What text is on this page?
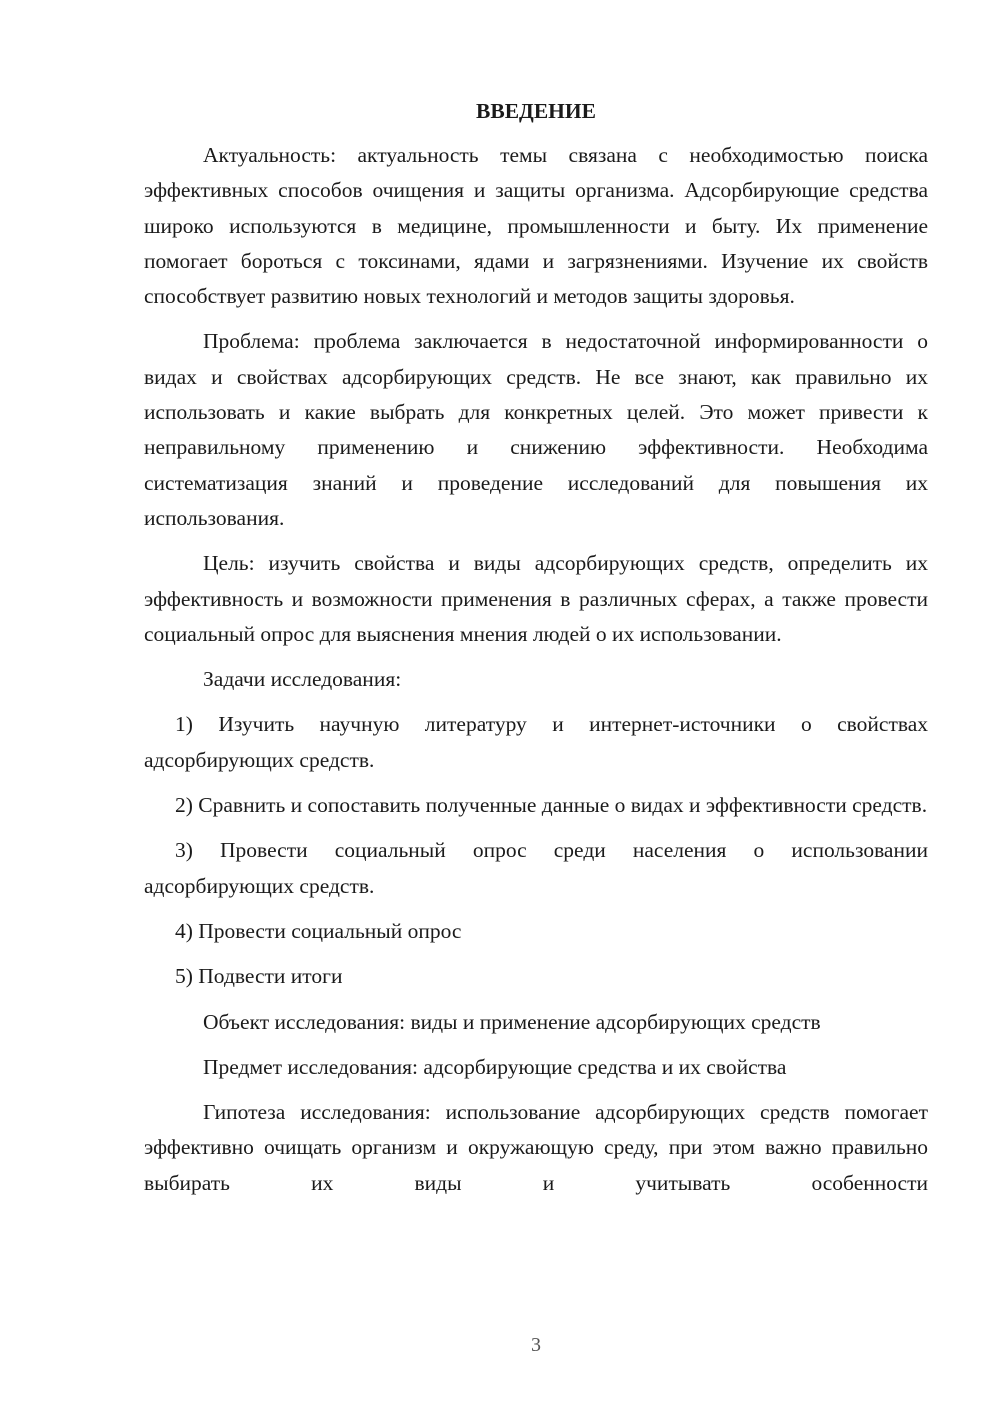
ВВЕДЕНИЕ

Актуальность: актуальность темы связана с необходимостью поиска эффективных способов очищения и защиты организма. Адсорбирующие средства широко используются в медицине, промышленности и быту. Их применение помогает бороться с токсинами, ядами и загрязнениями. Изучение их свойств способствует развитию новых технологий и методов защиты здоровья.

Проблема: проблема заключается в недостаточной информированности о видах и свойствах адсорбирующих средств. Не все знают, как правильно их использовать и какие выбрать для конкретных целей. Это может привести к неправильному применению и снижению эффективности. Необходима систематизация знаний и проведение исследований для повышения их использования.

Цель: изучить свойства и виды адсорбирующих средств, определить их эффективность и возможности применения в различных сферах, а также провести социальный опрос для выяснения мнения людей о их использовании.

Задачи исследования:

1) Изучить научную литературу и интернет-источники о свойствах адсорбирующих средств.

2) Сравнить и сопоставить полученные данные о видах и эффективности средств.

3) Провести социальный опрос среди населения о использовании адсорбирующих средств.

4) Провести социальный опрос

5) Подвести итоги

Объект исследования: виды и применение адсорбирующих средств

Предмет исследования: адсорбирующие средства и их свойства

Гипотеза исследования: использование адсорбирующих средств помогает эффективно очищать организм и окружающую среду, при этом важно правильно выбирать их виды и учитывать особенности

3
